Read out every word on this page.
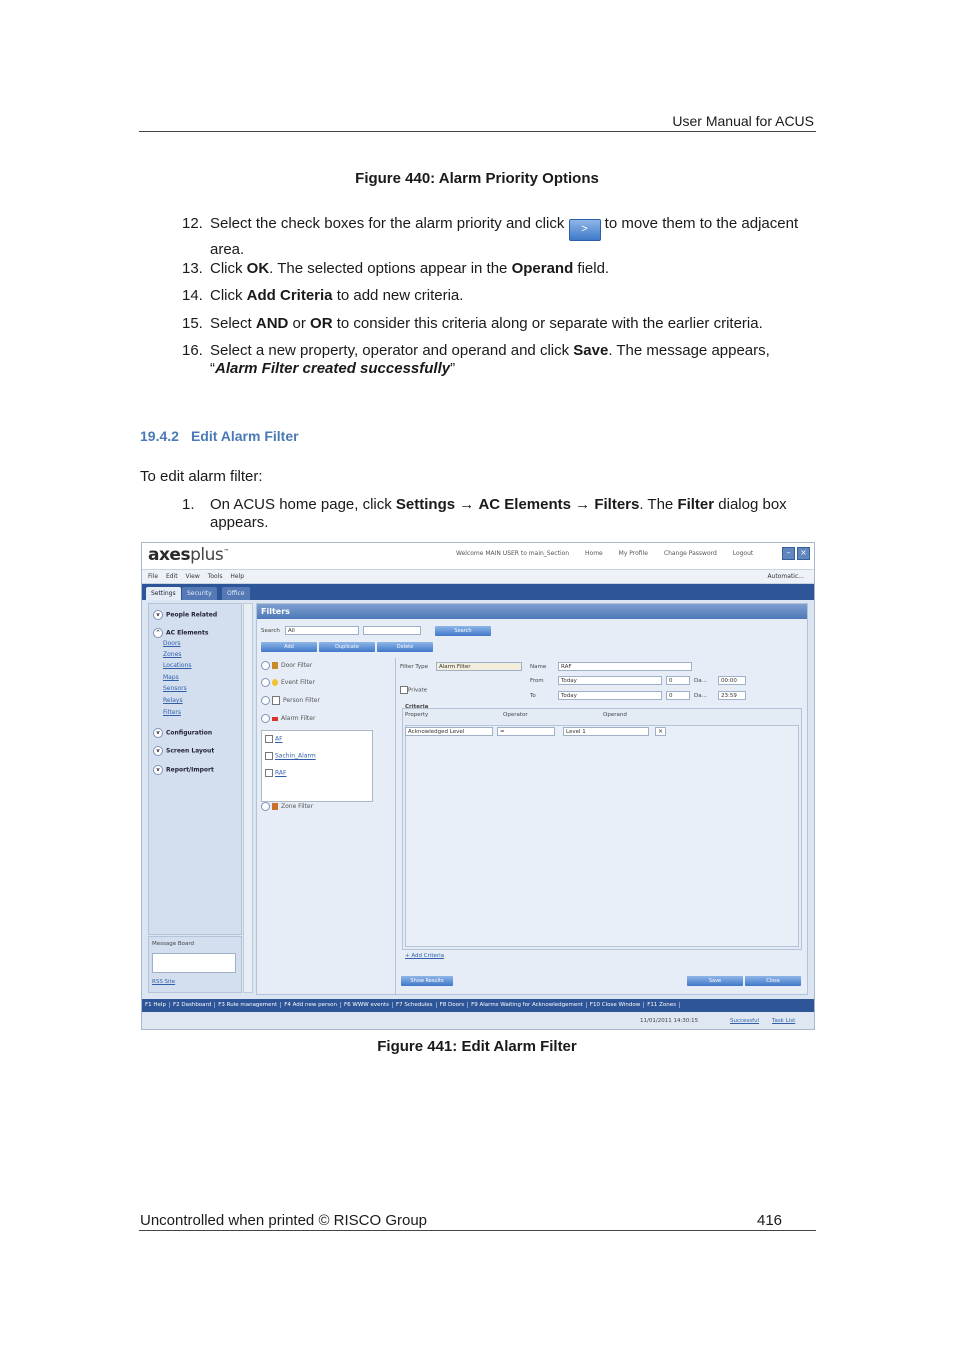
User Manual for ACUS
Figure 440: Alarm Priority Options
12. Select the check boxes for the alarm priority and click > to move them to the adjacent area.
13. Click OK. The selected options appear in the Operand field.
14. Click Add Criteria to add new criteria.
15. Select AND or OR to consider this criteria along or separate with the earlier criteria.
16. Select a new property, operator and operand and click Save. The message appears, “Alarm Filter created successfully”
19.4.2 Edit Alarm Filter
To edit alarm filter:
1. On ACUS home page, click Settings → AC Elements → Filters. The Filter dialog box appears.
axesplus™	Welcome MAIN USER to main_Section	Home	My Profile	Change Password	Logout	–	×
File Edit View Tools Help	Automatic...
Settings	Security	Office
v People Related
^ AC Elements
Doors
Zones
Locations
Maps
Sensors
Relays
Filters
v Configuration
v Screen Layout
v Report/Import
Message Board
RSS Site
Filters
Search	All	Search
Add	Duplicate	Delete
Door Filter
Event Filter
Person Filter
Alarm Filter
AF
Sachin_Alarm
RAF
Zone Filter
Filter Type	Alarm Filter	Name	RAF
Private
From	Today	0	Da...	00:00
To	Today	0	Da...	23:59
Criteria
Property	Operator	Operand
Acknowledged Level	=	Level 1	✕
+ Add Criteria
Show Results	Save	Close
F1 Help F2 Dashboard F3 Rule management F4 Add new person F6 WWW events F7 Schedules F8 Doors F9 Alarms Waiting for Acknowledgement F10 Close Window F11 Zones
11/01/2011 14:30:15	Successful Task List
Figure 441: Edit Alarm Filter
Uncontrolled when printed © RISCO Group	416
